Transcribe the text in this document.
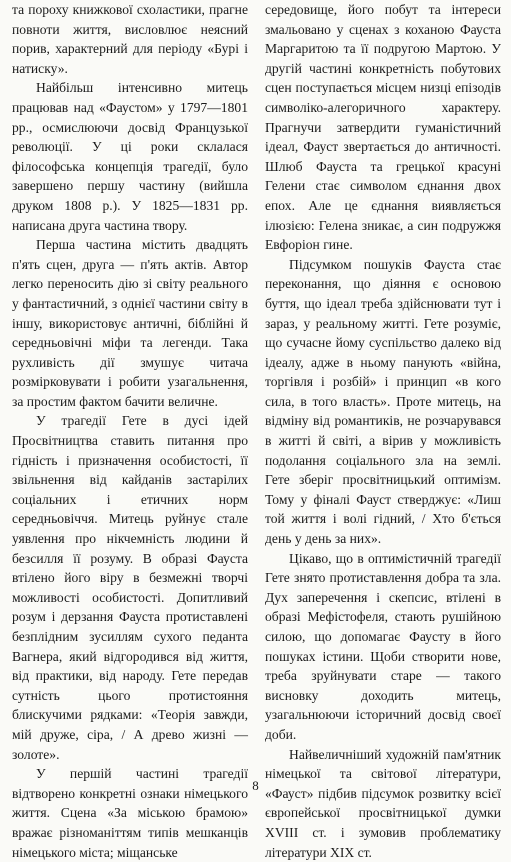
та пороху книжкової схоластики, прагне повноти життя, висловлює неясний порив, характерний для періоду «Бурі і натиску».

Найбільш інтенсивно митець працював над «Фаустом» у 1797—1801 рр., осмислюючи досвід Французької революції. У ці роки склалася філософська концепція трагедії, було завершено першу частину (вийшла друком 1808 р.). У 1825—1831 рр. написана друга частина твору.

Перша частина містить двадцять п'ять сцен, друга — п'ять актів. Автор легко переносить дію зі світу реального у фантастичний, з однієї частини світу в іншу, використовує античні, біблійні й середньовічні міфи та легенди. Така рухливість дії змушує читача розмірковувати і робити узагальнення, за простим фактом бачити величне.

У трагедії Гете в дусі ідей Просвітництва ставить питання про гідність і призначення особистості, її звільнення від кайданів застарілих соціальних і етичних норм середньовіччя. Митець руйнує стале уявлення про нікчемність людини й безсилля її розуму. В образі Фауста втілено його віру в безмежні творчі можливості особистості. Допитливий розум і дерзання Фауста протиставлені безплідним зусиллям сухого педанта Вагнера, який відгородився від життя, від практики, від народу. Гете передав сутність цього протистояння блискучими рядками: «Теорія завжди, мій друже, сіра, / А древо жизні — золоте».

У першій частині трагедії відтворено конкретні ознаки німецького життя. Сцена «За міською брамою» вражає різноманіттям типів мешканців німецького міста; міщанське

середовище, його побут та інтереси змальовано у сценах з коханою Фауста Маргаритою та її подругою Мартою. У другій частині конкретність побутових сцен поступається місцем низці епізодів символіко-алегоричного характеру. Прагнучи затвердити гуманістичний ідеал, Фауст звертається до античності. Шлюб Фауста та грецької красуні Гелени стає символом єднання двох епох. Але це єднання виявляється ілюзією: Гелена зникає, а син подружжя Евфоріон гине.

Підсумком пошуків Фауста стає переконання, що діяння є основою буття, що ідеал треба здійснювати тут і зараз, у реальному житті. Гете розуміє, що сучасне йому суспільство далеко від ідеалу, адже в ньому панують «війна, торгівля і розбій» і принцип «в кого сила, в того власть». Проте митець, на відміну від романтиків, не розчарувався в житті й світі, а вірив у можливість подолання соціального зла на землі. Гете зберіг просвітницький оптимізм. Тому у фіналі Фауст стверджує: «Лиш той життя і волі гідний, / Хто б'ється день у день за них».

Цікаво, що в оптимістичній трагедії Гете знято протиставлення добра та зла. Дух заперечення і скепсис, втілені в образі Мефістофеля, стають рушійною силою, що допомагає Фаусту в його пошуках істини. Щоби створити нове, треба зруйнувати старе — такого висновку доходить митець, узагальнюючи історичний досвід своєї доби.

Найвеличніший художній пам'ятник німецької та світової літератури, «Фауст» підбив підсумок розвитку всієї європейської просвітницької думки XVIII ст. і зумовив проблематику літератури XIX ст.

8
